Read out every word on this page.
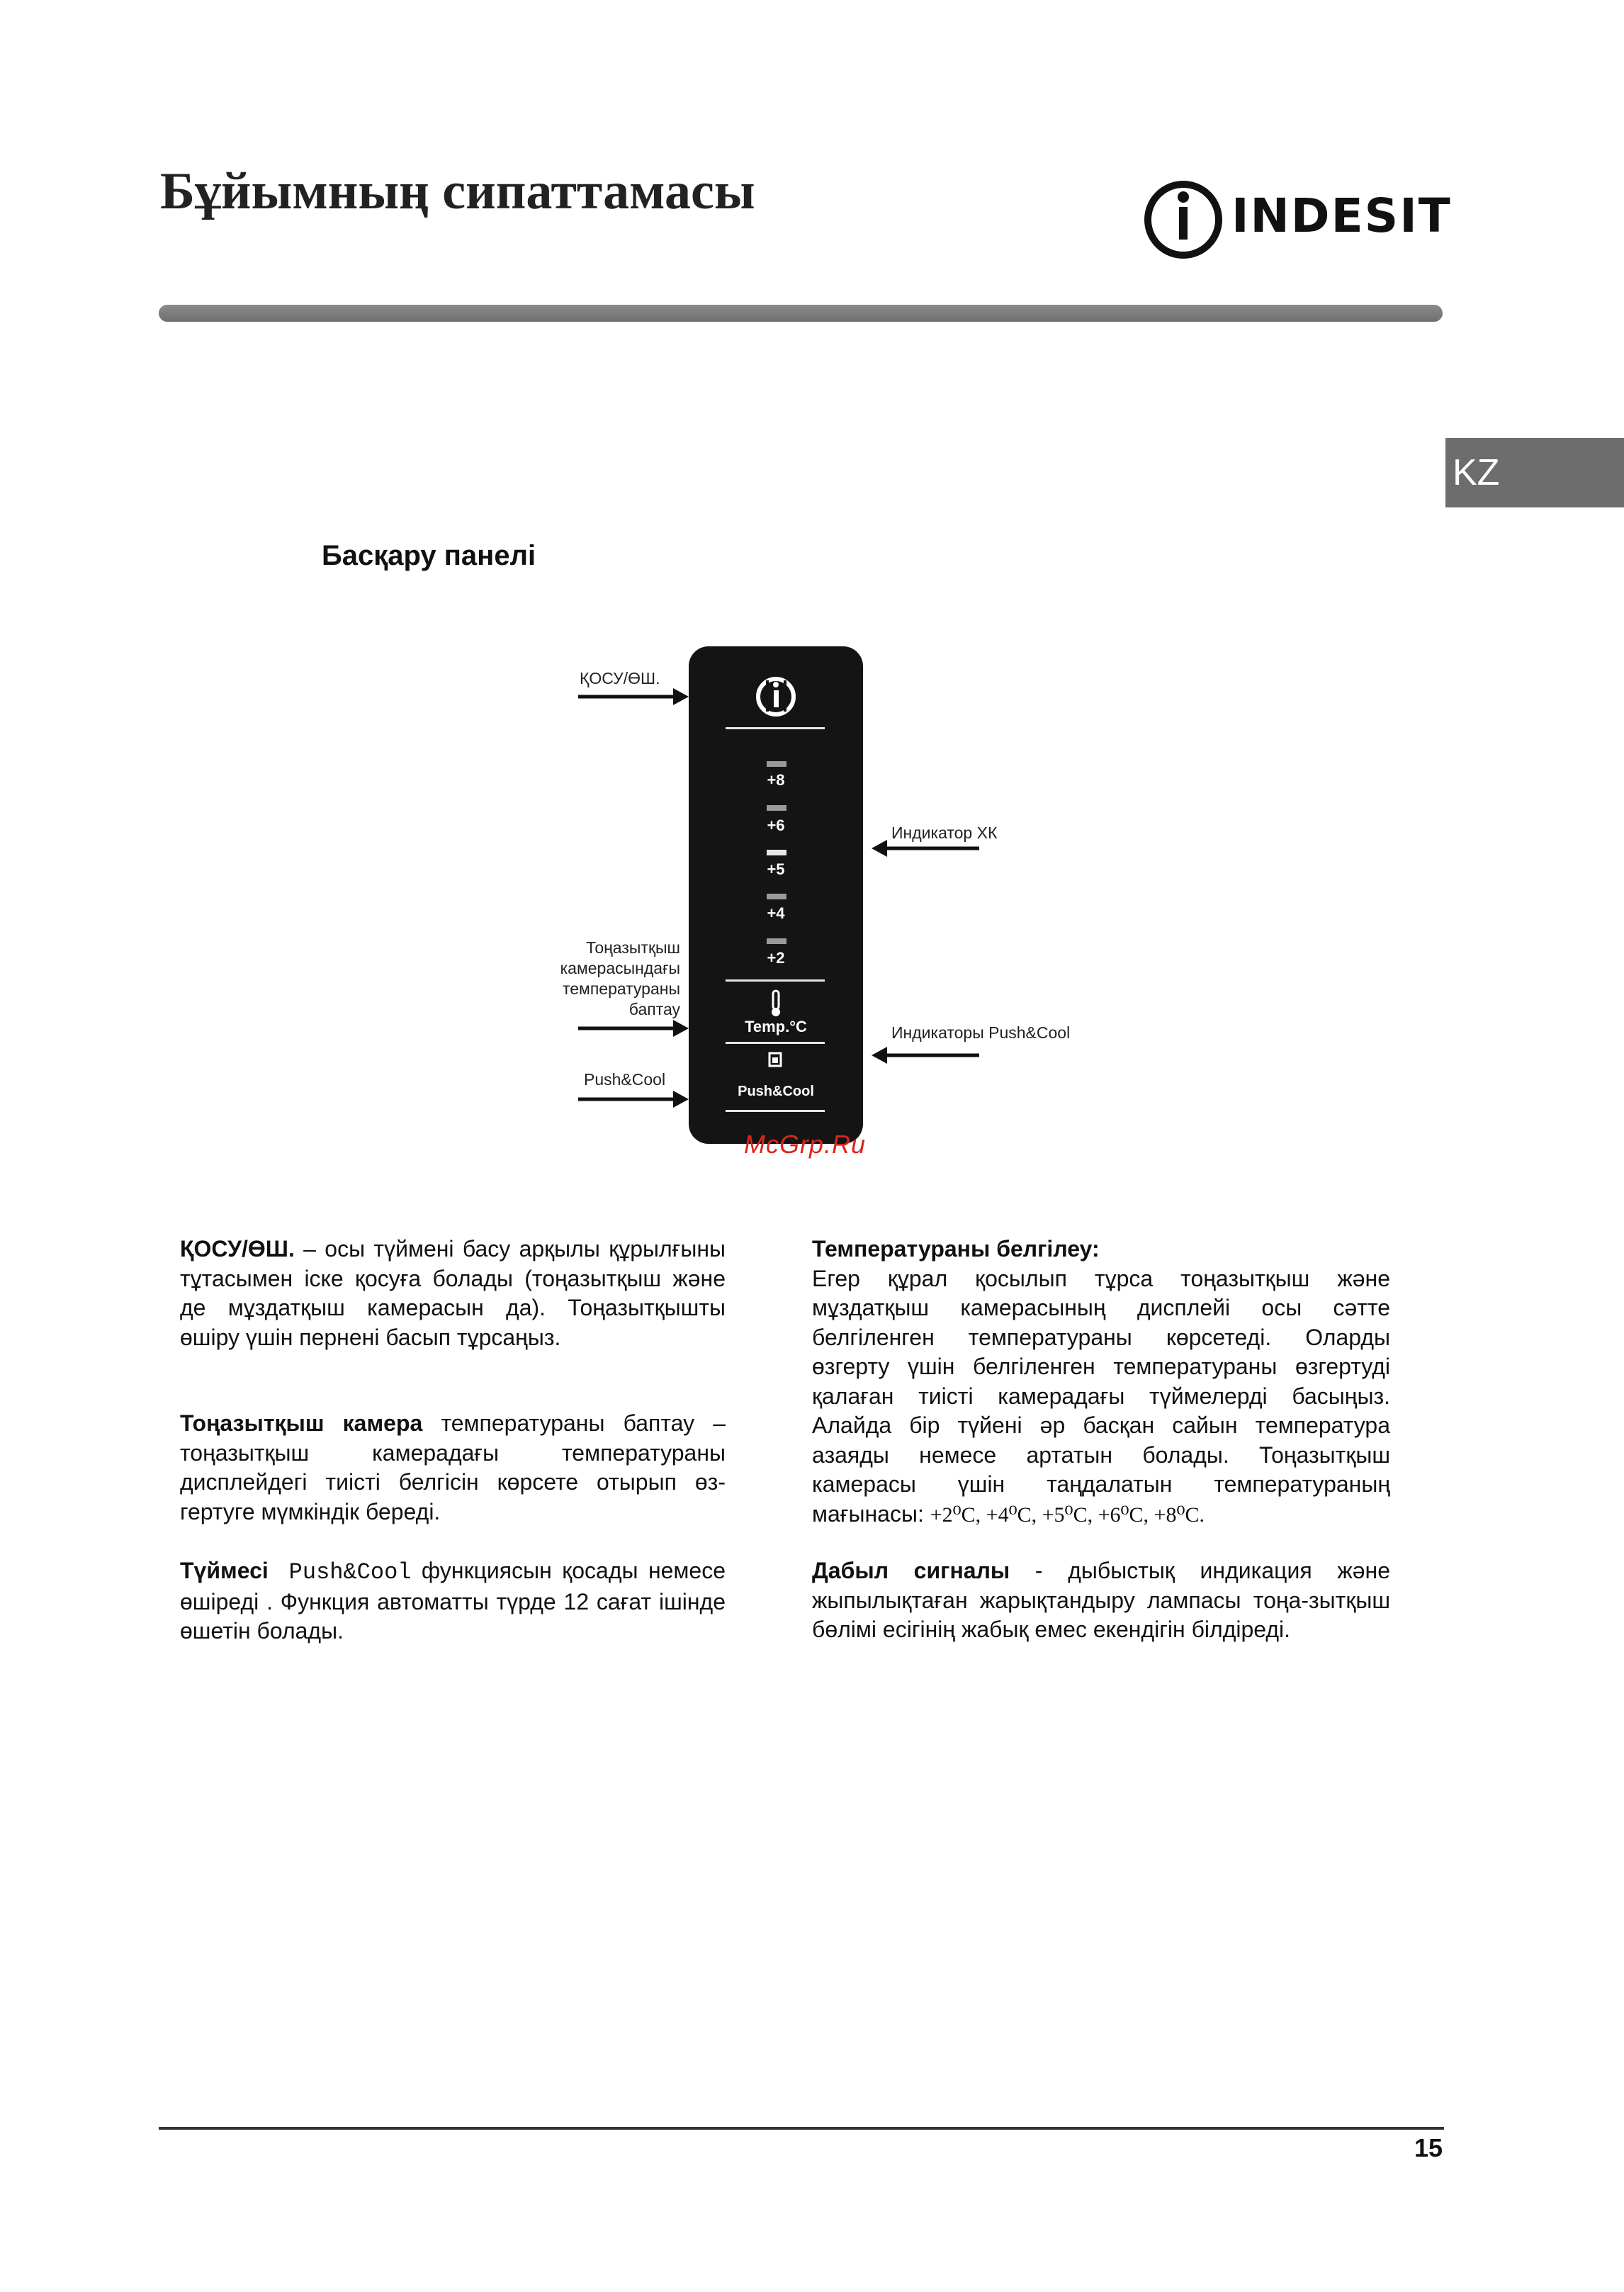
Бұйымның сипаттамасы	INDESIT
KZ
Басқару панелі
+8
+6
+5
+4
+2
Temp.°C
Push&Cool
ҚОСУ/ӨШ.
Индикатор ХК
Тоңазытқыш
камерасындағы
температураны
баптау
Индикаторы Push&Cool
Push&Cool
McGrp.Ru
ҚОСУ/ӨШ. – осы түймені басу арқылы құрылғыны тұтасымен іске қосуға болады (тоңазытқыш және де мұздатқыш камерасын да). Тоңазытқышты өшіру үшін пернені басып тұрсаңыз.
Тоңазытқыш камера температураны баптау – тоңазытқыш камерадағы температураны дисплейдегі тиісті белгісін көрсете отырып өз-гертуге мүмкіндік береді.
Түймесі Push&Cool функциясын қосады немесе өшіреді . Функция автоматты түрде 12 сағат ішінде өшетін болады.
Температураны белгілеу:
Егер құрал қосылып тұрса тоңазытқыш және мұздатқыш камерасының дисплейі осы сәтте белгіленген температураны көрсетеді. Оларды өзгерту үшін белгіленген температураны өзгертуді қалаған тиісті камерадағы түймелерді басыңыз. Алайда бір түйені әр басқан сайын температура азаяды немесе артатын болады. Тоңазытқыш камерасы үшін таңдалатын температураның мағынасы: +2⁰C, +4⁰C, +5⁰C, +6⁰C, +8⁰C.
Дабыл сигналы - дыбыстық индикация және жыпылықтаған жарықтандыру лампасы тоңа-зытқыш бөлімі есігінің жабық емес екендігін білдіреді.
15
